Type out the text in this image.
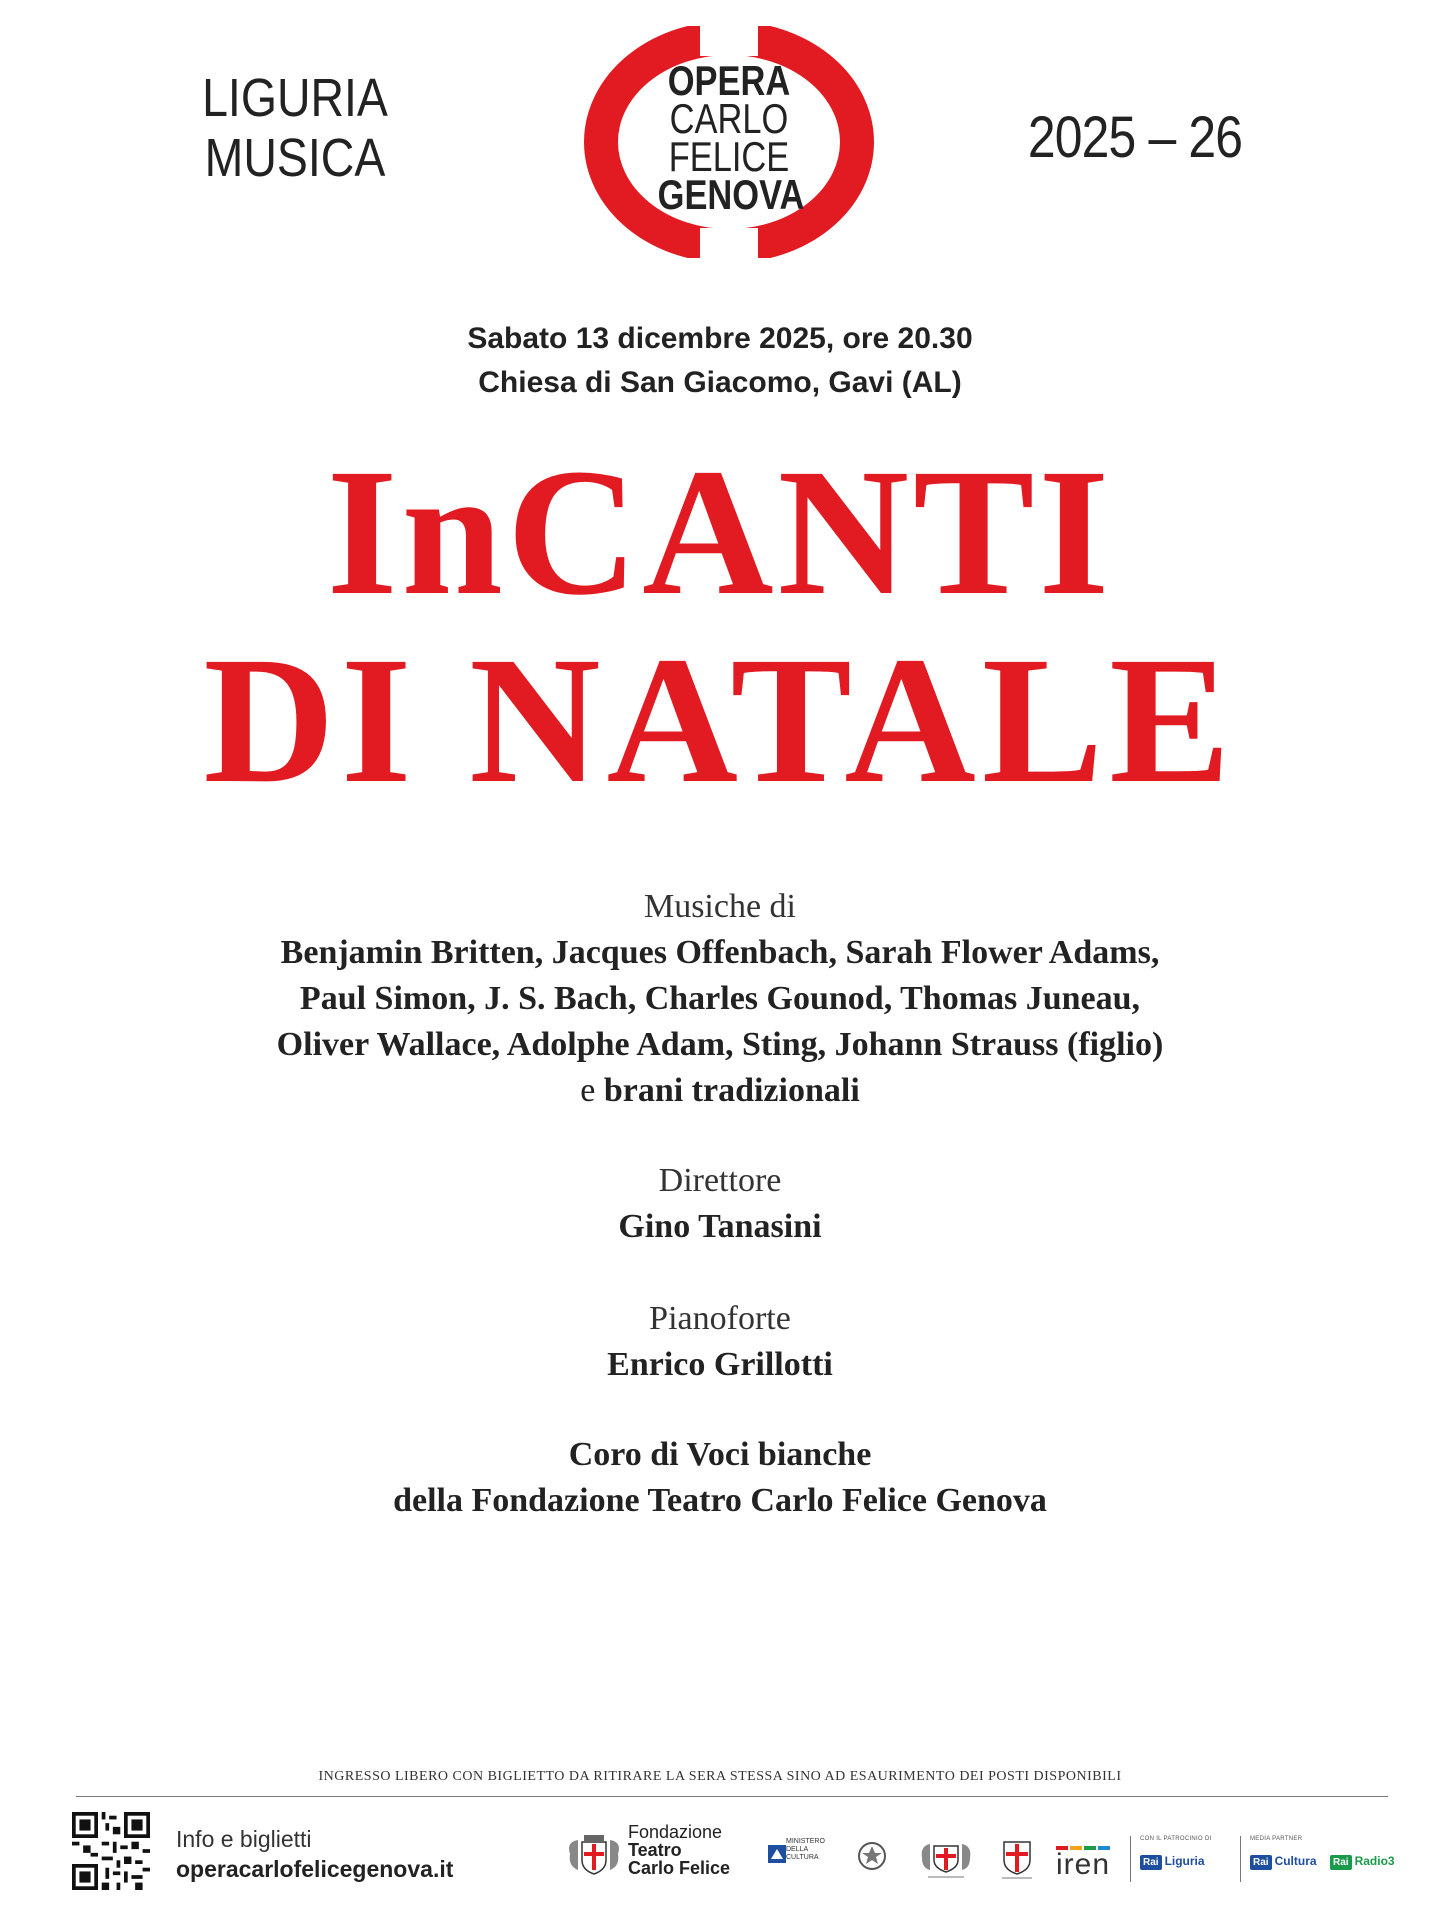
LIGURIA
MUSICA
OPERA
CARLO
FELICE
GENOVA
2025 – 26
Sabato 13 dicembre 2025, ore 20.30
Chiesa di San Giacomo, Gavi (AL)
InCANTI
DI NATALE
Musiche di
Benjamin Britten, Jacques Offenbach, Sarah Flower Adams,
Paul Simon, J. S. Bach, Charles Gounod, Thomas Juneau,
Oliver Wallace, Adolphe Adam, Sting, Johann Strauss (figlio)
e brani tradizionali
Direttore
Gino Tanasini
Pianoforte
Enrico Grillotti
Coro di Voci bianche
della Fondazione Teatro Carlo Felice Genova
INGRESSO LIBERO CON BIGLIETTO DA RITIRARE LA SERA STESSA SINO AD ESAURIMENTO DEI POSTI DISPONIBILI
Info e biglietti
operacarlofelicegenova.it
Fondazione
Teatro
Carlo Felice
MINISTERO
DELLA
CULTURA	iren
CON IL PATROCINIO DI
Rai Liguria
MEDIA PARTNER
Rai Cultura	Rai Radio3
